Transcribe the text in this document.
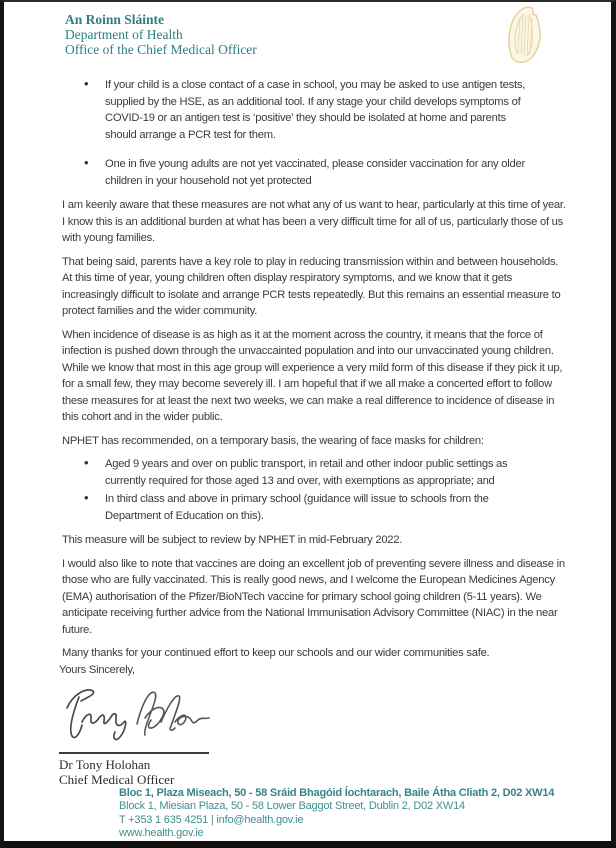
An Roinn Sláinte
Department of Health
Office of the Chief Medical Officer
• If your child is a close contact of a case in school, you may be asked to use antigen tests, supplied by the HSE, as an additional tool. If any stage your child develops symptoms of COVID-19 or an antigen test is ‘positive’ they should be isolated at home and parents should arrange a PCR test for them.
• One in five young adults are not yet vaccinated, please consider vaccination for any older children in your household not yet protected

I am keenly aware that these measures are not what any of us want to hear, particularly at this time of year. I know this is an additional burden at what has been a very difficult time for all of us, particularly those of us with young families.

That being said, parents have a key role to play in reducing transmission within and between households. At this time of year, young children often display respiratory symptoms, and we know that it gets increasingly difficult to isolate and arrange PCR tests repeatedly. But this remains an essential measure to protect families and the wider community.

When incidence of disease is as high as it at the moment across the country, it means that the force of infection is pushed down through the unvaccainted population and into our unvaccinated young children. While we know that most in this age group will experience a very mild form of this disease if they pick it up, for a small few, they may become severely ill. I am hopeful that if we all make a concerted effort to follow these measures for at least the next two weeks, we can make a real difference to incidence of disease in this cohort and in the wider public.

NPHET has recommended, on a temporary basis, the wearing of face masks for children:

• Aged 9 years and over on public transport, in retail and other indoor public settings as currently required for those aged 13 and over, with exemptions as appropriate; and
• In third class and above in primary school (guidance will issue to schools from the Department of Education on this).

This measure will be subject to review by NPHET in mid-February 2022.

I would also like to note that vaccines are doing an excellent job of preventing severe illness and disease in those who are fully vaccinated. This is really good news, and I welcome the European Medicines Agency (EMA) authorisation of the Pfizer/BioNTech vaccine for primary school going children (5-11 years). We anticipate receiving further advice from the National Immunisation Advisory Committee (NIAC) in the near future.

Many thanks for your continued effort to keep our schools and our wider communities safe.

Yours Sincerely,
Dr Tony Holohan
Chief Medical Officer
Bloc 1, Plaza Miseach, 50 - 58 Sráid Bhagóid Íochtarach, Baile Átha Cliath 2, D02 XW14
Block 1, Miesian Plaza, 50 - 58 Lower Baggot Street, Dublin 2, D02 XW14
T +353 1 635 4251 | info@health.gov.ie
www.health.gov.ie
